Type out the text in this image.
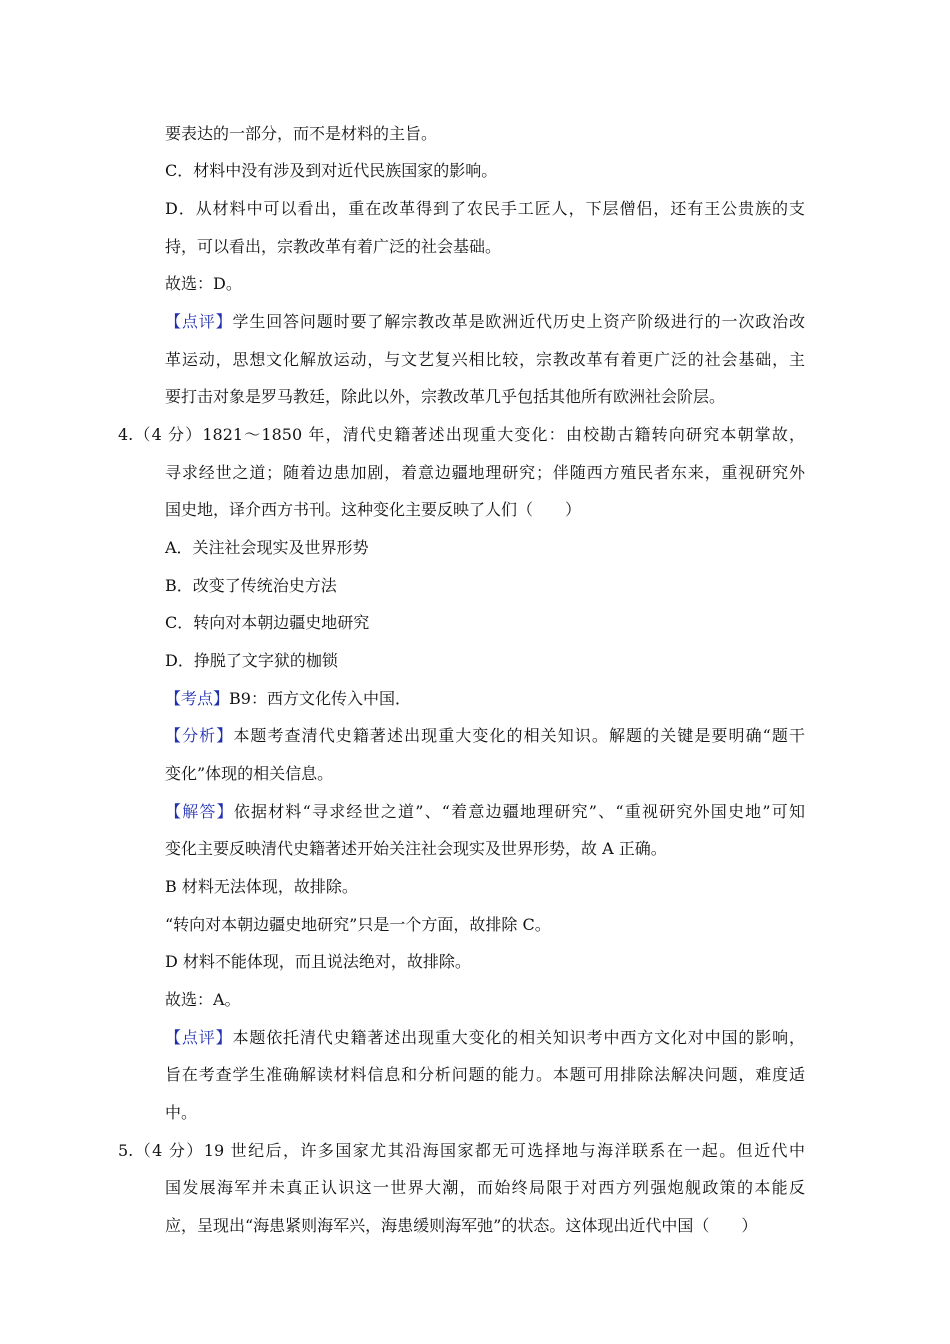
要表达的一部分，而不是材料的主旨。
C．材料中没有涉及到对近代民族国家的影响。
D．从材料中可以看出，重在改革得到了农民手工匠人，下层僧侣，还有王公贵族的支
持，可以看出，宗教改革有着广泛的社会基础。
故选：D。
【点评】学生回答问题时要了解宗教改革是欧洲近代历史上资产阶级进行的一次政治改
革运动，思想文化解放运动，与文艺复兴相比较，宗教改革有着更广泛的社会基础，主
要打击对象是罗马教廷，除此以外，宗教改革几乎包括其他所有欧洲社会阶层。
4.（4 分）1821～1850 年，清代史籍著述出现重大变化：由校勘古籍转向研究本朝掌故，
寻求经世之道；随着边患加剧，着意边疆地理研究；伴随西方殖民者东来，重视研究外
国史地，译介西方书刊。这种变化主要反映了人们（　　）
A．关注社会现实及世界形势
B．改变了传统治史方法
C．转向对本朝边疆史地研究
D．挣脱了文字狱的枷锁
【考点】B9：西方文化传入中国．
【分析】本题考查清代史籍著述出现重大变化的相关知识。解题的关键是要明确“题干
变化”体现的相关信息。
【解答】依据材料“寻求经世之道”、“着意边疆地理研究”、“重视研究外国史地”可知
变化主要反映清代史籍著述开始关注社会现实及世界形势，故 A 正确。
B 材料无法体现，故排除。
“转向对本朝边疆史地研究”只是一个方面，故排除 C。
D 材料不能体现，而且说法绝对，故排除。
故选：A。
【点评】本题依托清代史籍著述出现重大变化的相关知识考中西方文化对中国的影响，
旨在考查学生准确解读材料信息和分析问题的能力。本题可用排除法解决问题，难度适
中。
5.（4 分）19 世纪后，许多国家尤其沿海国家都无可选择地与海洋联系在一起。但近代中
国发展海军并未真正认识这一世界大潮，而始终局限于对西方列强炮舰政策的本能反
应，呈现出“海患紧则海军兴，海患缓则海军弛”的状态。这体现出近代中国（　　）
